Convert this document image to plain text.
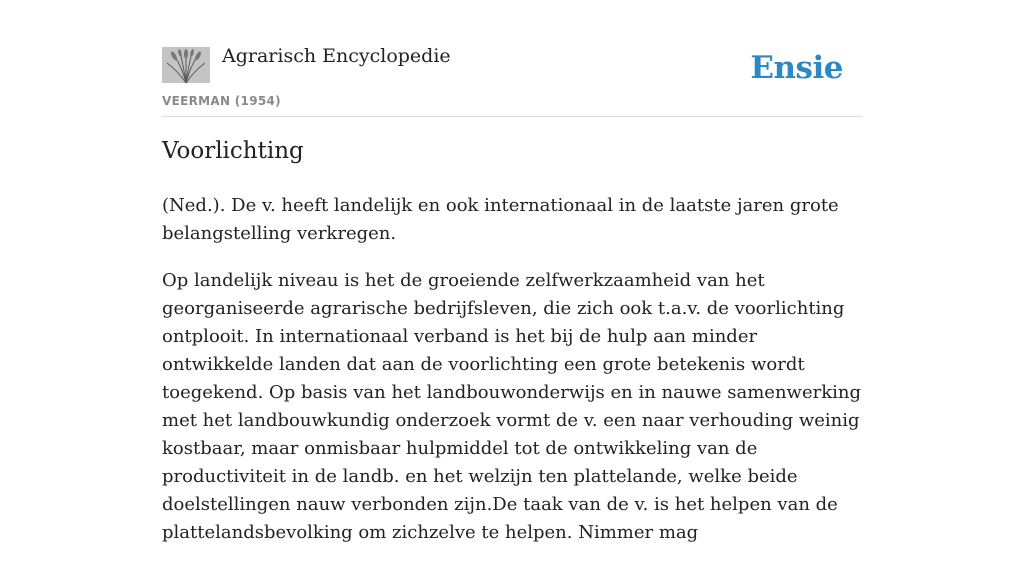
Agrarisch Encyclopedie
VEERMAN (1954)
Ensie
Voorlichting

(Ned.). De v. heeft landelijk en ook internationaal in de laatste jaren grote belangstelling verkregen.

Op landelijk niveau is het de groeiende zelfwerkzaamheid van het georganiseerde agrarische bedrijfsleven, die zich ook t.a.v. de voorlichting ontplooit. In internationaal verband is het bij de hulp aan minder ontwikkelde landen dat aan de voorlichting een grote betekenis wordt toegekend. Op basis van het landbouwonderwijs en in nauwe samenwerking met het landbouwkundig onderzoek vormt de v. een naar verhouding weinig kostbaar, maar onmisbaar hulpmiddel tot de ontwikkeling van de productiviteit in de landb. en het welzijn ten plattelande, welke beide doelstellingen nauw verbonden zijn.De taak van de v. is het helpen van de plattelandsbevolking om zichzelve te helpen. Nimmer mag
